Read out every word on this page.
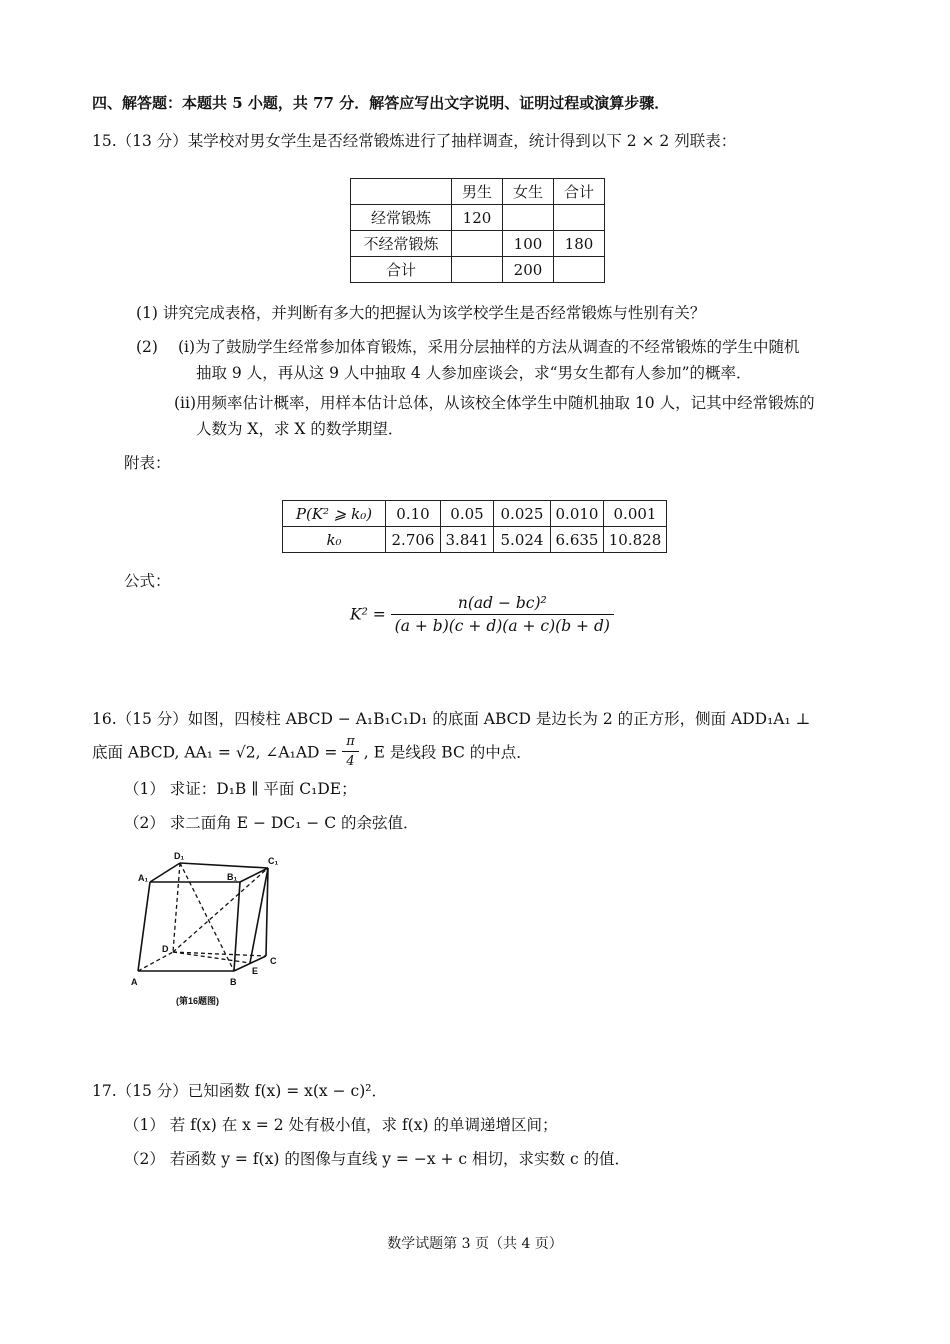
四、解答题：本题共 5 小题，共 77 分．解答应写出文字说明、证明过程或演算步骤．
15.（13 分）某学校对男女学生是否经常锻炼进行了抽样调查，统计得到以下 2 × 2 列联表：
	男生	女生	合计
经常锻炼	120		
不经常锻炼		100	180
合计		200	
(1) 讲究完成表格，并判断有多大的把握认为该学校学生是否经常锻炼与性别有关？
(2) (i)为了鼓励学生经常参加体育锻炼，采用分层抽样的方法从调查的不经常锻炼的学生中随机
抽取 9 人，再从这 9 人中抽取 4 人参加座谈会，求“男女生都有人参加”的概率．
(ii)用频率估计概率，用样本估计总体，从该校全体学生中随机抽取 10 人，记其中经常锻炼的
人数为 X，求 X 的数学期望．
附表：
P(K² ⩾ k₀)	0.10	0.05	0.025	0.010	0.001
k₀	2.706	3.841	5.024	6.635	10.828
公式：
$K^2 = \frac{\text{n(ad − bc)²}}{(a + b)(c + d)(a + c)(b + d)}$
16.（15 分）如图，四棱柱 ABCD − A₁B₁C₁D₁ 的底面 ABCD 是边长为 2 的正方形，侧面 ADD₁A₁ ⊥
底面 ABCD, AA₁ = √2, ∠A₁AD = $\frac{\pi}{4}$ , E 是线段 BC 的中点．
（1） 求证：D₁B ∥ 平面 C₁DE；
（2） 求二面角 E − DC₁ − C 的余弦值．
D₁	C₁
A₁	B₁
D
C
A	B
E
(第16题图)
17.（15 分）已知函数 f(x) = x(x − c)²．
（1） 若 f(x) 在 x = 2 处有极小值，求 f(x) 的单调递增区间；
（2） 若函数 y = f(x) 的图像与直线 y = −x + c 相切，求实数 c 的值．
数学试题第 3 页（共 4 页）
